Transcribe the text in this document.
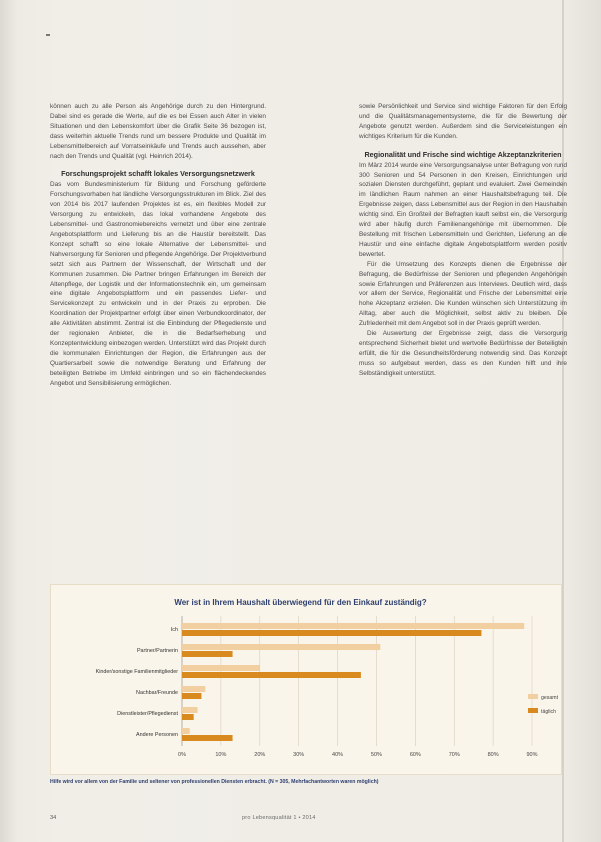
können auch zu alle Person als Angehörige durch zu den Hintergrund. Dabei sind es gerade die Werte, auf die es bei Essen auch Alter in vielen Situationen und den Lebenskomfort über die Grafik Seite 36 bezogen ist, dass weiterhin aktuelle Trends rund um bessere Produkte und Qualität im Lebensmittelbereich auf Vorratseinkäufe und Trends auch aussehen, aber nach den Trends und Qualität (vgl. Heinrich 2014).

Forschungsprojekt schafft lokales Versorgungsnetzwerk

Das vom Bundesministerium für Bildung und Forschung geförderte Forschungsvorhaben hat ländliche Versorgungsstrukturen im Blick. Ziel des von 2014 bis 2017 laufenden Projektes ist es, ein flexibles Modell zur Versorgung zu entwickeln, das lokal vorhandene Angebote des Lebensmittel- und Gastronomiebereichs vernetzt und über eine zentrale Angebotsplattform und Lieferung bis an die Haustür bereitstellt. Das Konzept schafft so eine lokale Alternative der Lebensmittel- und Nahversorgung für Senioren und pflegende Angehörige. Der Projektverbund setzt sich aus Partnern der Wissenschaft, der Wirtschaft und der Kommunen zusammen. Die Partner bringen Erfahrungen im Bereich der Altenpflege, der Logistik und der Informationstechnik ein, um gemeinsam eine digitale Angebotsplattform und ein passendes Liefer- und Servicekonzept zu entwickeln und in der Praxis zu erproben. Die Koordination der Projektpartner erfolgt über einen Verbundkoordinator, der alle Aktivitäten abstimmt. Zentral ist die Einbindung der Pflegedienste und der regionalen Anbieter, die in die Bedarfserhebung und Konzeptentwicklung einbezogen werden. Unterstützt wird das Projekt durch die kommunalen Einrichtungen der Region, die Erfahrungen aus der Quartiersarbeit sowie die notwendige Beratung und Erfahrung der beteiligten Betriebe im Umfeld einbringen und so ein flächendeckendes Angebot und Sensibilisierung ermöglichen.

sowie Persönlichkeit und Service sind wichtige Faktoren für den Erfolg und die Qualitätsmanagementsysteme, die für die Bewertung der Angebote genutzt werden. Außerdem sind die Serviceleistungen ein wichtiges Kriterium für die Kunden.

Regionalität und Frische sind wichtige Akzeptanzkriterien

Im März 2014 wurde eine Versorgungsanalyse unter Befragung von rund 300 Senioren und 54 Personen in den Kreisen, Einrichtungen und sozialen Diensten durchgeführt, geplant und evaluiert. Zwei Gemeinden im ländlichen Raum nahmen an einer Haushaltsbefragung teil. Die Ergebnisse zeigen, dass Lebensmittel aus der Region in den Haushalten wichtig sind. Ein Großteil der Befragten kauft selbst ein, die Versorgung wird aber häufig durch Familienangehörige mit übernommen. Die Bestellung mit frischen Lebensmitteln und Gerichten, Lieferung an die Haustür und eine einfache digitale Angebotsplattform werden positiv bewertet.

Für die Umsetzung des Konzepts dienen die Ergebnisse der Befragung, die Bedürfnisse der Senioren und pflegenden Angehörigen sowie Erfahrungen und Präferenzen aus Interviews. Deutlich wird, dass vor allem der Service, Regionalität und Frische der Lebensmittel eine hohe Akzeptanz erzielen. Die Kunden wünschen sich Unterstützung im Alltag, aber auch die Möglichkeit, selbst aktiv zu bleiben. Die Zufriedenheit mit dem Angebot soll in der Praxis geprüft werden.

Die Auswertung der Ergebnisse zeigt, dass die Versorgung entsprechend Sicherheit bietet und wertvolle Bedürfnisse der Beteiligten erfüllt, die für die Gesundheitsförderung notwendig sind. Das Konzept muss so aufgebaut werden, dass es den Kunden hilft und ihre Selbständigkeit unterstützt.

Wer ist in Ihrem Haushalt überwiegend für den Einkauf zuständig?
0%	10%	20%	30%	40%	50%	60%	70%	80%	90%
Ich
Partner/Partnerin
Kinder/sonstige Familienmitglieder
Nachbar/Freunde
Dienstleister/Pflegedienst
Andere Personen
gesamt
täglich
Hilfe wird vor allem von der Familie und seltener von professionellen Diensten erbracht. (N = 305, Mehrfachantworten waren möglich)
34	pro Lebensqualität 1 • 2014
